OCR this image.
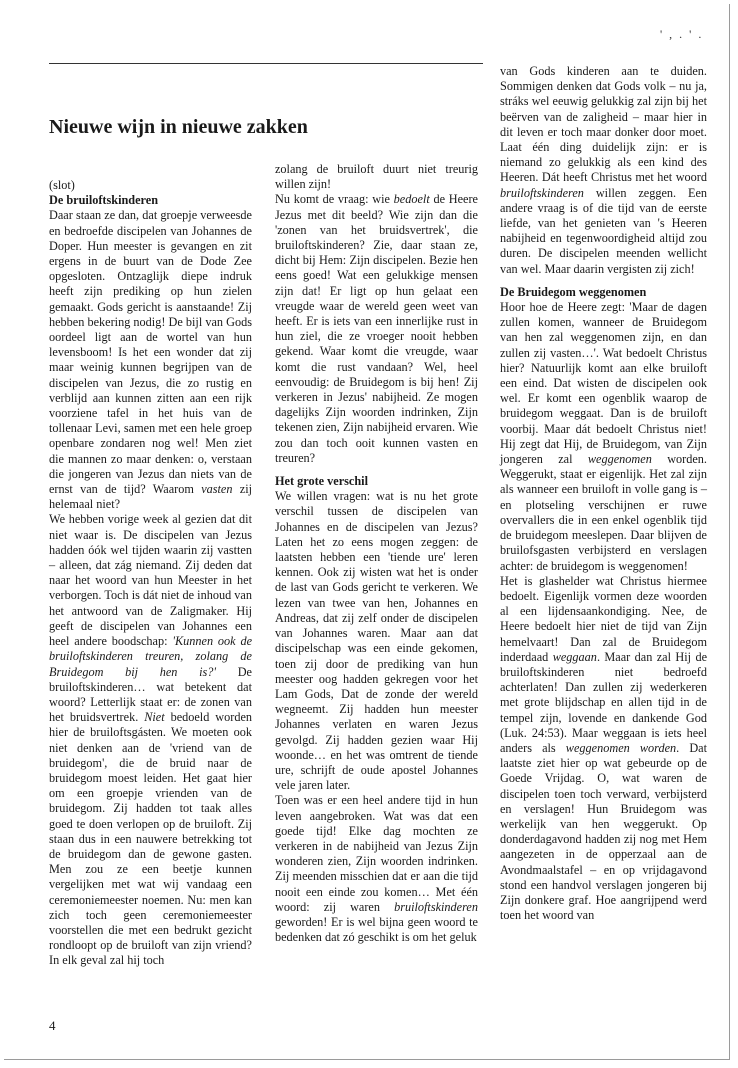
' , . ' .
Nieuwe wijn in nieuwe zakken

(slot)

De bruiloftskinderen

Daar staan ze dan, dat groepje verweesde en bedroefde discipelen van Johannes de Doper. Hun meester is gevangen en zit ergens in de buurt van de Dode Zee opgesloten. Ontzaglijk diepe indruk heeft zijn prediking op hun zielen gemaakt. Gods gericht is aanstaande! Zij hebben bekering nodig! De bijl van Gods oordeel ligt aan de wortel van hun levensboom! Is het een wonder dat zij maar weinig kunnen begrijpen van de discipelen van Jezus, die zo rustig en verblijd aan kunnen zitten aan een rijk voorziene tafel in het huis van de tollenaar Levi, samen met een hele groep openbare zondaren nog wel! Men ziet die mannen zo maar denken: o, verstaan die jongeren van Jezus dan niets van de ernst van de tijd? Waarom vasten zij helemaal niet?

We hebben vorige week al gezien dat dit niet waar is. De discipelen van Jezus hadden óók wel tijden waarin zij vastten – alleen, dat zág niemand. Zij deden dat naar het woord van hun Meester in het verborgen. Toch is dát niet de inhoud van het antwoord van de Zaligmaker. Hij geeft de discipelen van Johannes een heel andere boodschap: 'Kunnen ook de bruiloftskinderen treuren, zolang de Bruidegom bij hen is?' De bruiloftskinderen… wat betekent dat woord? Letterlijk staat er: de zonen van het bruidsvertrek. Niet bedoeld worden hier de bruiloftsgásten. We moeten ook niet denken aan de 'vriend van de bruidegom', die de bruid naar de bruidegom moest leiden. Het gaat hier om een groepje vrienden van de bruidegom. Zij hadden tot taak alles goed te doen verlopen op de bruiloft. Zij staan dus in een nauwere betrekking tot de bruidegom dan de gewone gasten. Men zou ze een beetje kunnen vergelijken met wat wij vandaag een ceremoniemeester noemen. Nu: men kan zich toch geen ceremoniemeester voorstellen die met een bedrukt gezicht rondloopt op de bruiloft van zijn vriend? In elk geval zal hij toch

zolang de bruiloft duurt niet treurig willen zijn!

Nu komt de vraag: wie bedoelt de Heere Jezus met dit beeld? Wie zijn dan die 'zonen van het bruidsvertrek', die bruiloftskinderen? Zie, daar staan ze, dicht bij Hem: Zijn discipelen. Bezie hen eens goed! Wat een gelukkige mensen zijn dat! Er ligt op hun gelaat een vreugde waar de wereld geen weet van heeft. Er is iets van een innerlijke rust in hun ziel, die ze vroeger nooit hebben gekend. Waar komt die vreugde, waar komt die rust vandaan? Wel, heel eenvoudig: de Bruidegom is bij hen! Zij verkeren in Jezus' nabijheid. Ze mogen dagelijks Zijn woorden indrinken, Zijn tekenen zien, Zijn nabijheid ervaren. Wie zou dan toch ooit kunnen vasten en treuren?

Het grote verschil

We willen vragen: wat is nu het grote verschil tussen de discipelen van Johannes en de discipelen van Jezus? Laten het zo eens mogen zeggen: de laatsten hebben een 'tiende ure' leren kennen. Ook zij wisten wat het is onder de last van Gods gericht te verkeren. We lezen van twee van hen, Johannes en Andreas, dat zij zelf onder de discipelen van Johannes waren. Maar aan dat discipelschap was een einde gekomen, toen zij door de prediking van hun meester oog hadden gekregen voor het Lam Gods, Dat de zonde der wereld wegneemt. Zij hadden hun meester Johannes verlaten en waren Jezus gevolgd. Zij hadden gezien waar Hij woonde… en het was omtrent de tiende ure, schrijft de oude apostel Johannes vele jaren later.

Toen was er een heel andere tijd in hun leven aangebroken. Wat was dat een goede tijd! Elke dag mochten ze verkeren in de nabijheid van Jezus Zijn wonderen zien, Zijn woorden indrinken. Zij meenden misschien dat er aan die tijd nooit een einde zou komen… Met één woord: zij waren bruiloftskinderen geworden! Er is wel bijna geen woord te bedenken dat zó geschikt is om het geluk

van Gods kinderen aan te duiden. Sommigen denken dat Gods volk – nu ja, stráks wel eeuwig gelukkig zal zijn bij het beërven van de zaligheid – maar hier in dit leven er toch maar donker door moet. Laat één ding duidelijk zijn: er is niemand zo gelukkig als een kind des Heeren. Dát heeft Christus met het woord bruiloftskinderen willen zeggen. Een andere vraag is of die tijd van de eerste liefde, van het genieten van 's Heeren nabijheid en tegenwoordigheid altijd zou duren. De discipelen meenden wellicht van wel. Maar daarin vergisten zij zich!

De Bruidegom weggenomen

Hoor hoe de Heere zegt: 'Maar de dagen zullen komen, wanneer de Bruidegom van hen zal weggenomen zijn, en dan zullen zij vasten…'. Wat bedoelt Christus hier? Natuurlijk komt aan elke bruiloft een eind. Dat wisten de discipelen ook wel. Er komt een ogenblik waarop de bruidegom weggaat. Dan is de bruiloft voorbij. Maar dát bedoelt Christus niet! Hij zegt dat Hij, de Bruidegom, van Zijn jongeren zal weggenomen worden. Weggerukt, staat er eigenlijk. Het zal zijn als wanneer een bruiloft in volle gang is – en plotseling verschijnen er ruwe overvallers die in een enkel ogenblik tijd de bruidegom meeslepen. Daar blijven de bruilofsgasten verbijsterd en verslagen achter: de bruidegom is weggenomen!

Het is glashelder wat Christus hiermee bedoelt. Eigenlijk vormen deze woorden al een lijdensaankondiging. Nee, de Heere bedoelt hier niet de tijd van Zijn hemelvaart! Dan zal de Bruidegom inderdaad weggaan. Maar dan zal Hij de bruiloftskinderen niet bedroefd achterlaten! Dan zullen zij wederkeren met grote blijdschap en allen tijd in de tempel zijn, lovende en dankende God (Luk. 24:53). Maar weggaan is iets heel anders als weggenomen worden. Dat laatste ziet hier op wat gebeurde op de Goede Vrijdag. O, wat waren de discipelen toen toch verward, verbijsterd en verslagen! Hun Bruidegom was werkelijk van hen weggerukt. Op donderdagavond hadden zij nog met Hem aangezeten in de opperzaal aan de Avondmaalstafel – en op vrijdagavond stond een handvol verslagen jongeren bij Zijn donkere graf. Hoe aangrijpend werd toen het woord van

4
